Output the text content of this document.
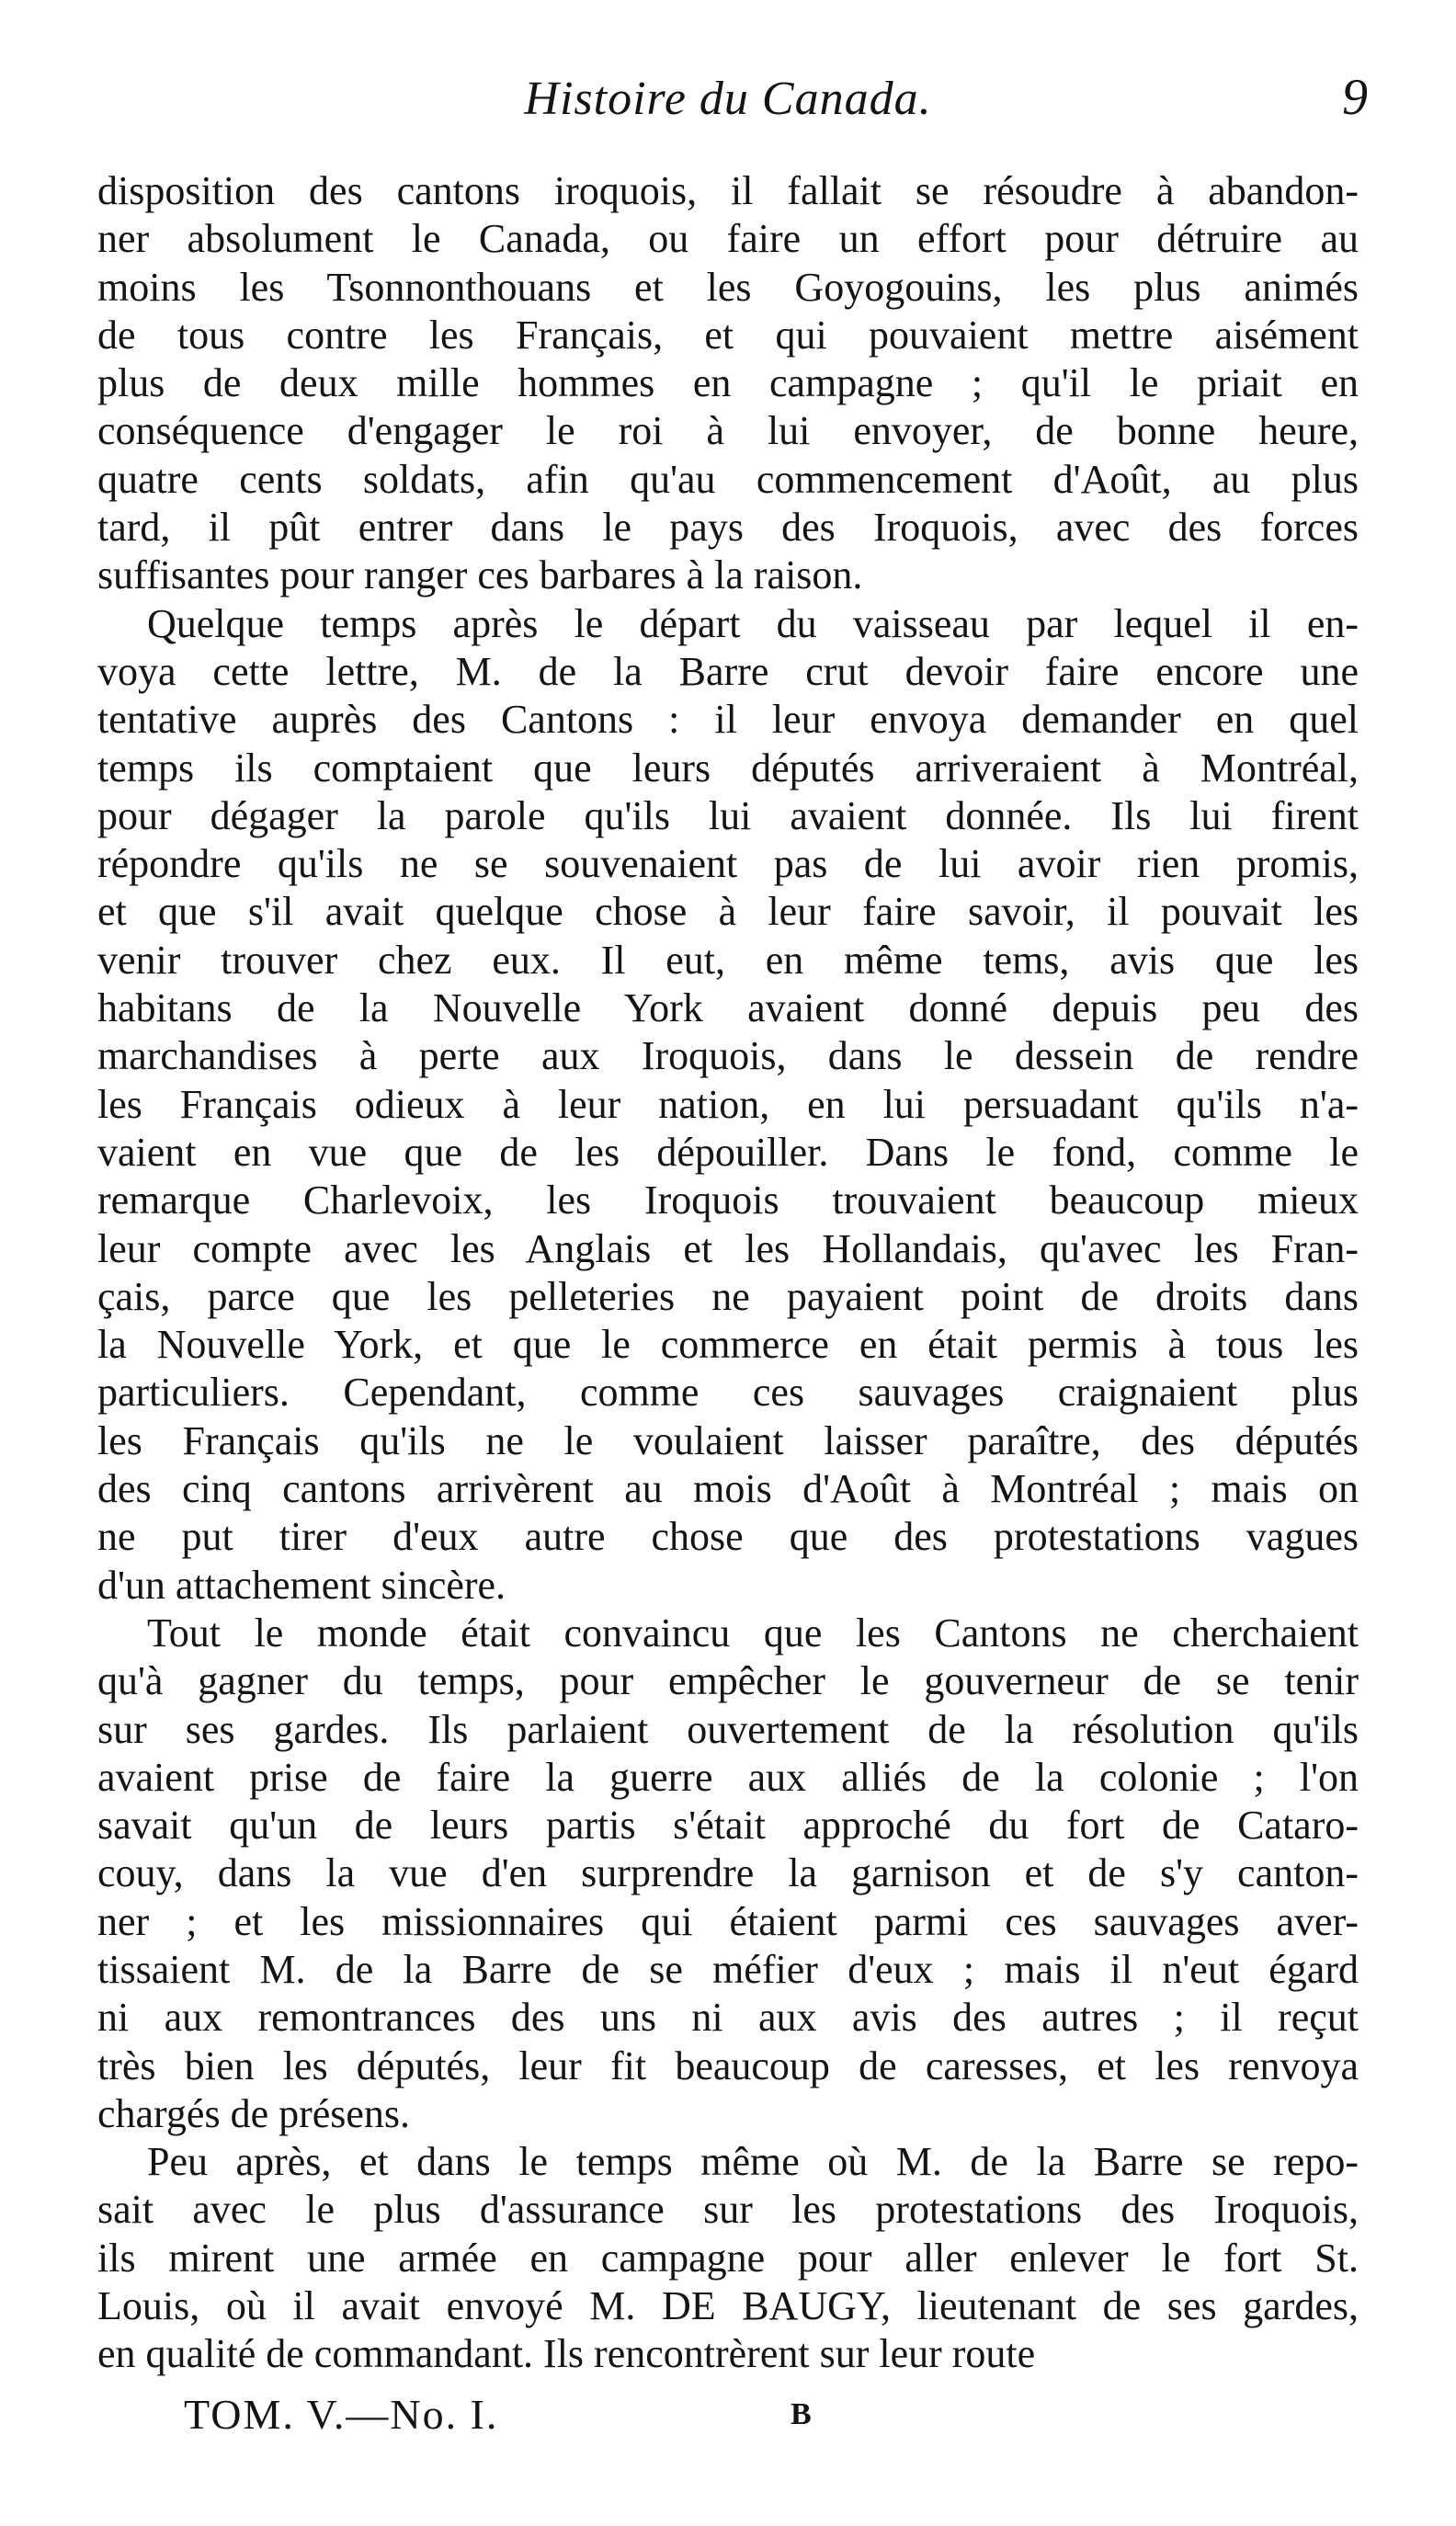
Histoire du Canada.	9
disposition des cantons iroquois, il fallait se résoudre à abandon-
ner absolument le Canada, ou faire un effort pour détruire au
moins les Tsonnonthouans et les Goyogouins, les plus animés
de tous contre les Français, et qui pouvaient mettre aisément
plus de deux mille hommes en campagne ; qu'il le priait en
conséquence d'engager le roi à lui envoyer, de bonne heure,
quatre cents soldats, afin qu'au commencement d'Août, au plus
tard, il pût entrer dans le pays des Iroquois, avec des forces
suffisantes pour ranger ces barbares à la raison.
Quelque temps après le départ du vaisseau par lequel il en-
voya cette lettre, M. de la Barre crut devoir faire encore une
tentative auprès des Cantons : il leur envoya demander en quel
temps ils comptaient que leurs députés arriveraient à Montréal,
pour dégager la parole qu'ils lui avaient donnée. Ils lui firent
répondre qu'ils ne se souvenaient pas de lui avoir rien promis,
et que s'il avait quelque chose à leur faire savoir, il pouvait les
venir trouver chez eux. Il eut, en même tems, avis que les
habitans de la Nouvelle York avaient donné depuis peu des
marchandises à perte aux Iroquois, dans le dessein de rendre
les Français odieux à leur nation, en lui persuadant qu'ils n'a-
vaient en vue que de les dépouiller. Dans le fond, comme le
remarque Charlevoix, les Iroquois trouvaient beaucoup mieux
leur compte avec les Anglais et les Hollandais, qu'avec les Fran-
çais, parce que les pelleteries ne payaient point de droits dans
la Nouvelle York, et que le commerce en était permis à tous les
particuliers. Cependant, comme ces sauvages craignaient plus
les Français qu'ils ne le voulaient laisser paraître, des députés
des cinq cantons arrivèrent au mois d'Août à Montréal ; mais on
ne put tirer d'eux autre chose que des protestations vagues
d'un attachement sincère.
Tout le monde était convaincu que les Cantons ne cherchaient
qu'à gagner du temps, pour empêcher le gouverneur de se tenir
sur ses gardes. Ils parlaient ouvertement de la résolution qu'ils
avaient prise de faire la guerre aux alliés de la colonie ; l'on
savait qu'un de leurs partis s'était approché du fort de Cataro-
couy, dans la vue d'en surprendre la garnison et de s'y canton-
ner ; et les missionnaires qui étaient parmi ces sauvages aver-
tissaient M. de la Barre de se méfier d'eux ; mais il n'eut égard
ni aux remontrances des uns ni aux avis des autres ; il reçut
très bien les députés, leur fit beaucoup de caresses, et les renvoya
chargés de présens.
Peu après, et dans le temps même où M. de la Barre se repo-
sait avec le plus d'assurance sur les protestations des Iroquois,
ils mirent une armée en campagne pour aller enlever le fort St.
Louis, où il avait envoyé M. DE BAUGY, lieutenant de ses gardes,
en qualité de commandant. Ils rencontrèrent sur leur route
TOM. V.—No. I.	B
